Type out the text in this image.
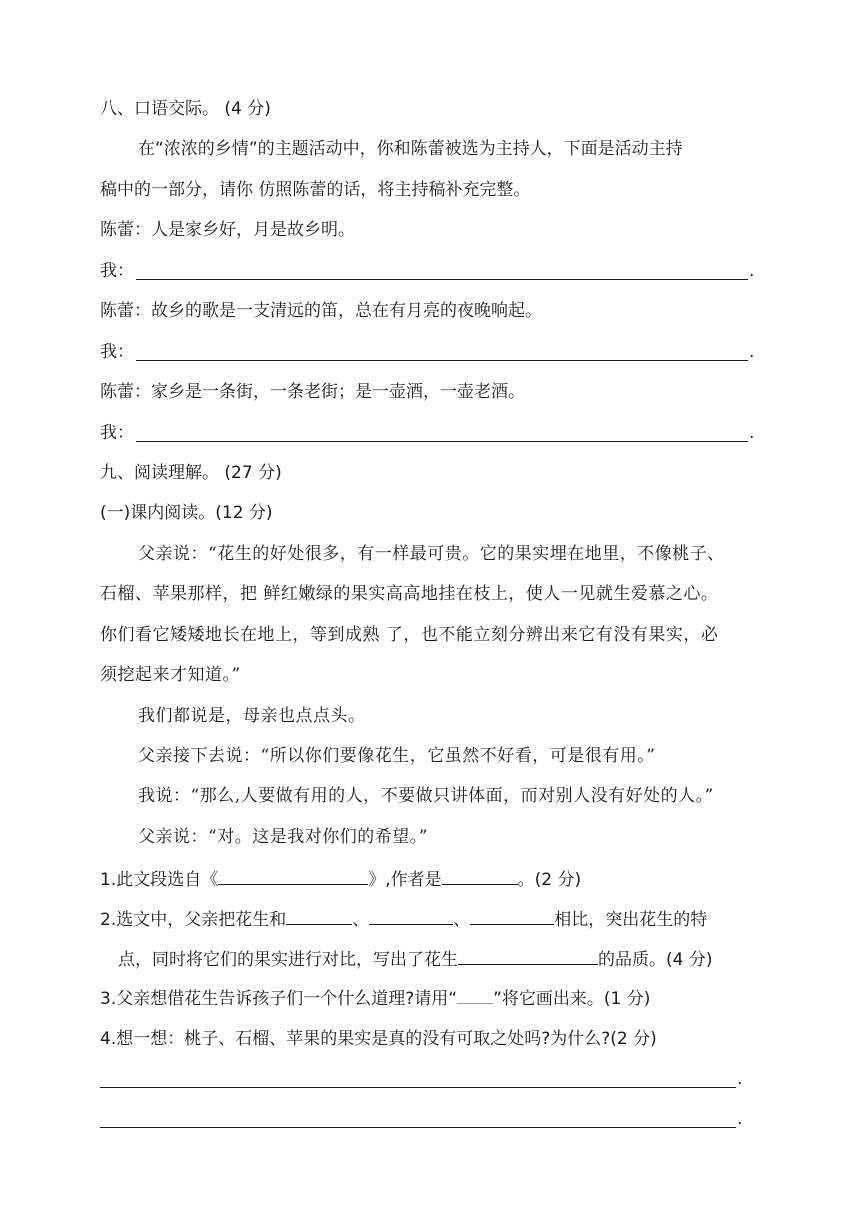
八、口语交际。 (4 分)
在“浓浓的乡情”的主题活动中，你和陈蕾被选为主持人，下面是活动主持
稿中的一部分，请你 仿照陈蕾的话，将主持稿补充完整。
陈蕾：人是家乡好，月是故乡明。
我：	.
陈蕾：故乡的歌是一支清远的笛，总在有月亮的夜晚响起。
我：	.
陈蕾：家乡是一条街，一条老街；是一壶酒，一壶老酒。
我：	.
九、阅读理解。 (27 分)
(一)课内阅读。(12 分)
父亲说：“花生的好处很多，有一样最可贵。它的果实埋在地里，不像桃子、
石榴、苹果那样，把 鲜红嫩绿的果实高高地挂在枝上，使人一见就生爱慕之心。
你们看它矮矮地长在地上，等到成熟 了，也不能立刻分辨出来它有没有果实，必
须挖起来才知道。”
我们都说是，母亲也点点头。
父亲接下去说：“所以你们要像花生，它虽然不好看，可是很有用。”
我说：“那么,人要做有用的人，不要做只讲体面，而对别人没有好处的人。”
父亲说：“对。这是我对你们的希望。”
1.此文段选自《	》,作者是	。(2 分)
2.选文中，父亲把花生和	、	、	相比，突出花生的特
点，同时将它们的果实进行对比，写出了花生	的品质。(4 分)
3.父亲想借花生告诉孩子们一个什么道理?请用“ ”将它画出来。(1 分)
4.想一想：桃子、石榴、苹果的果实是真的没有可取之处吗?为什么?(2 分)
.
.
